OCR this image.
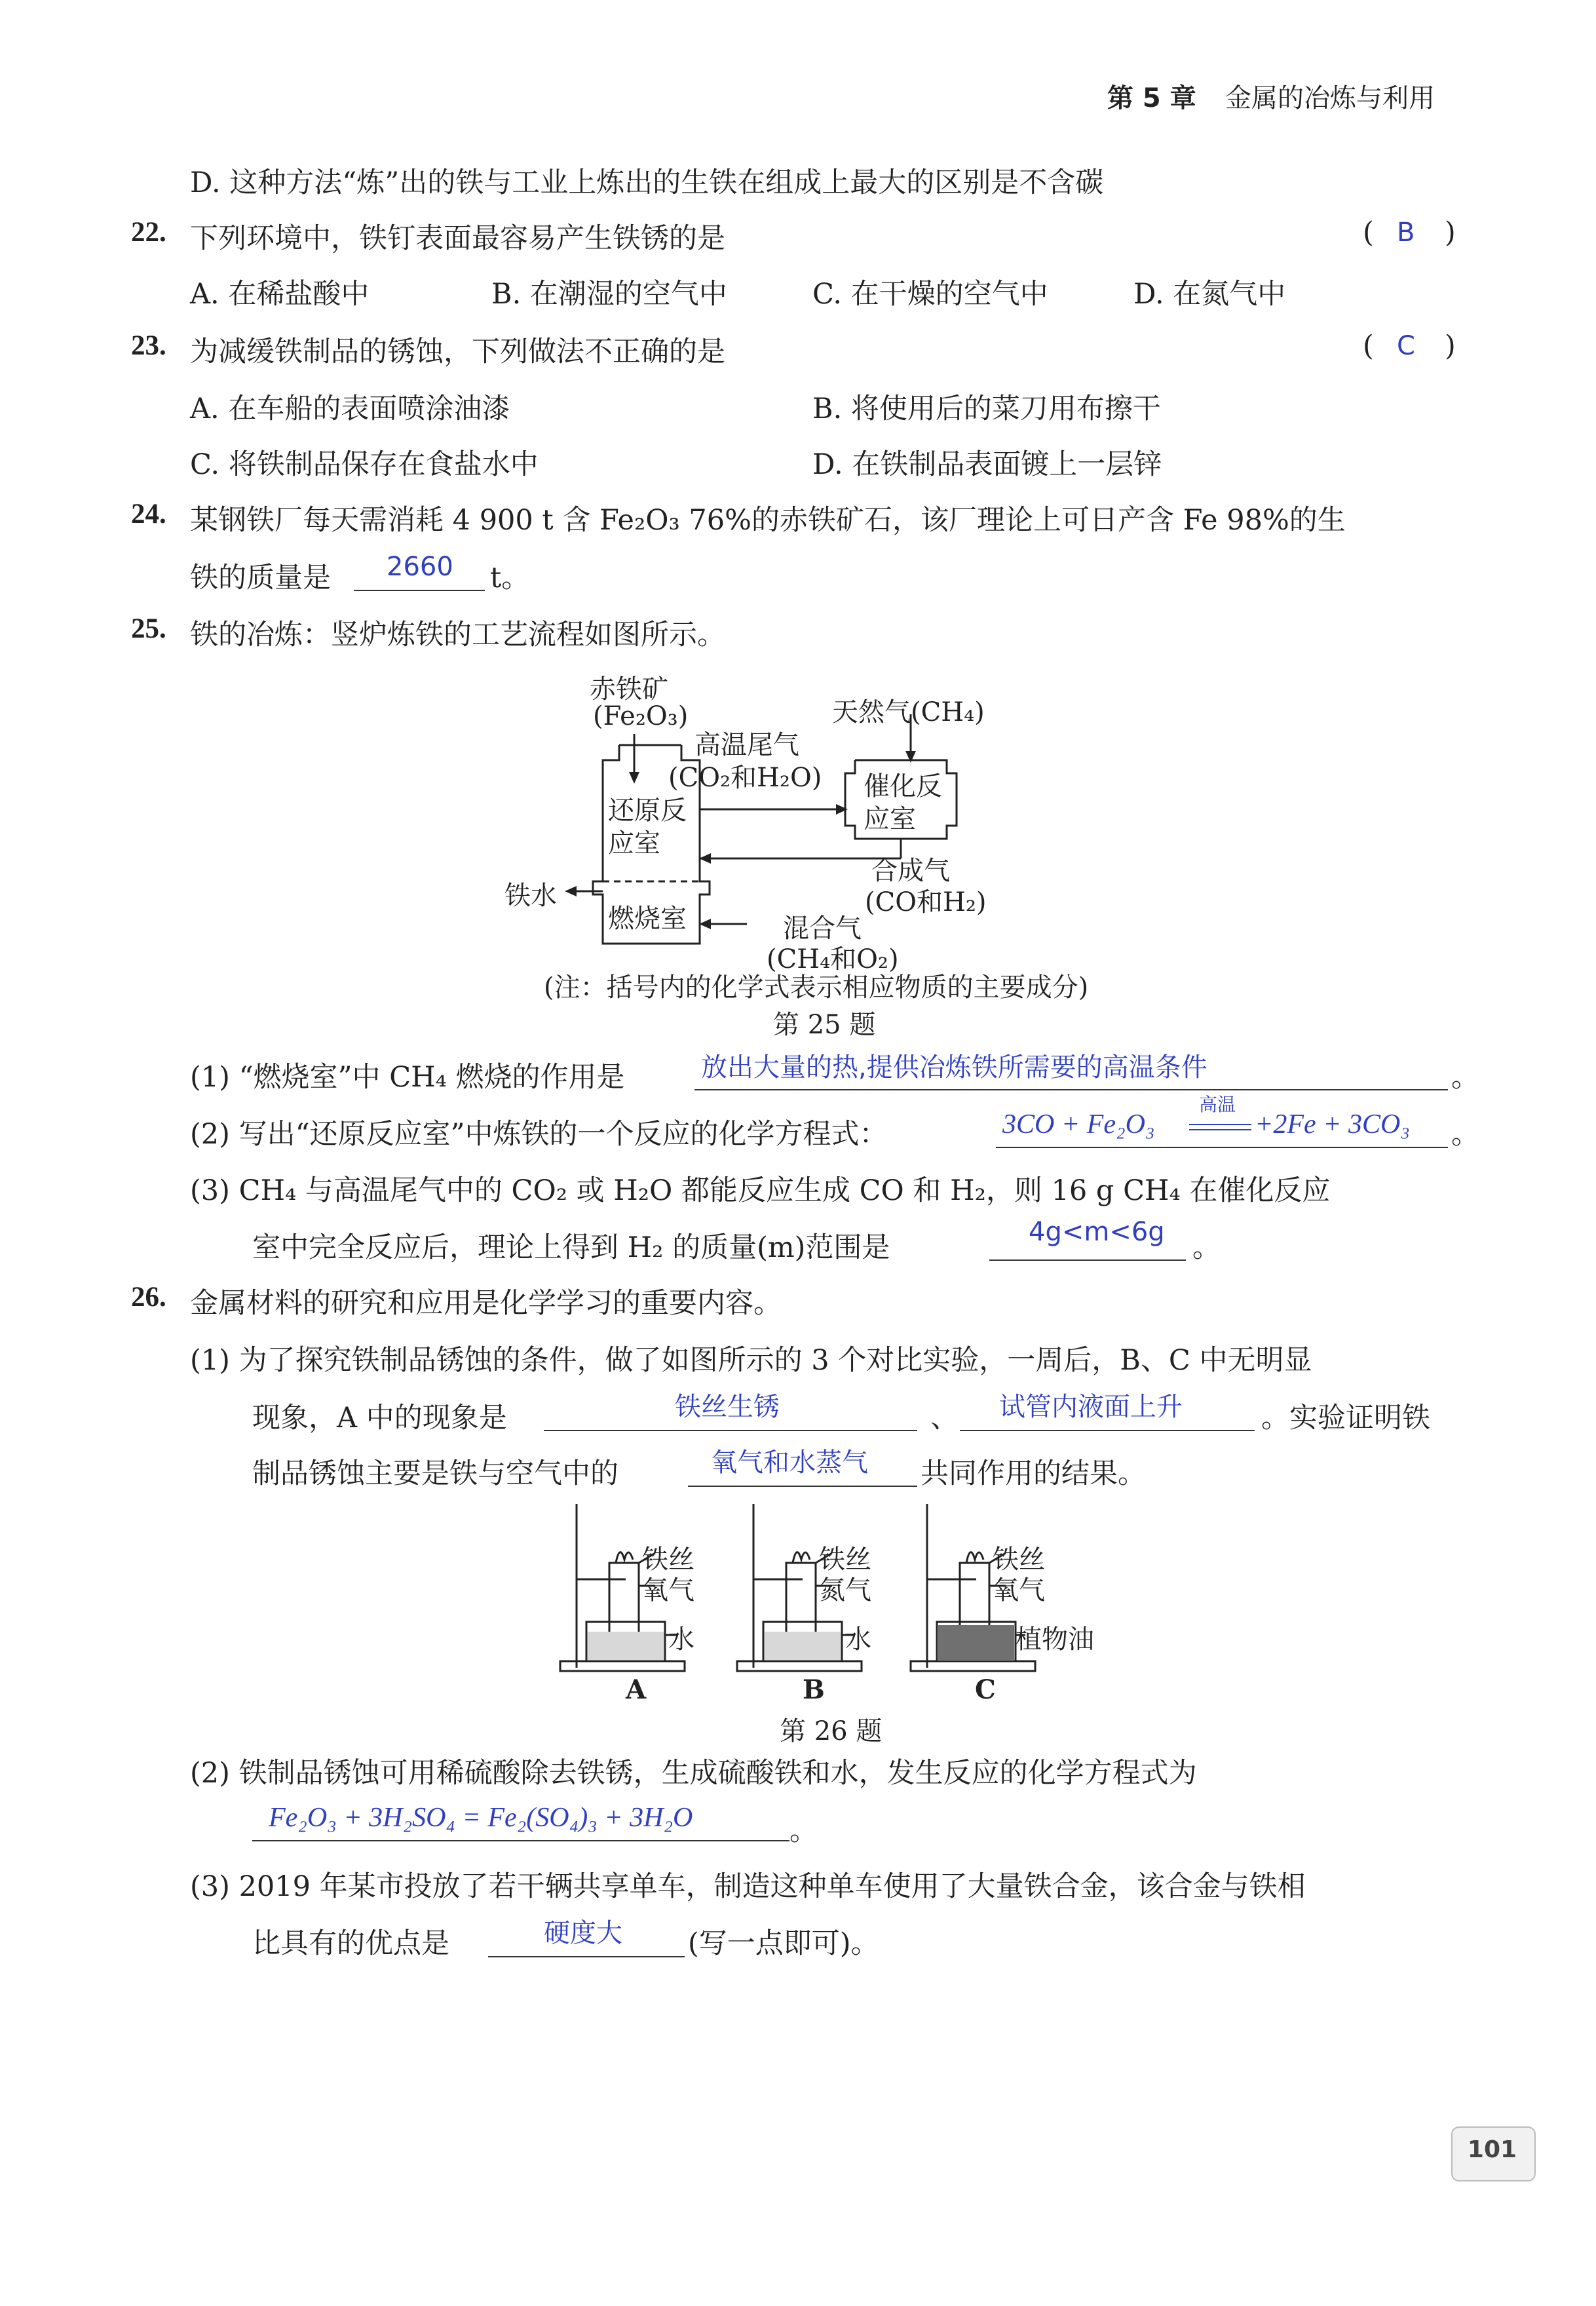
第 5 章 金属的冶炼与利用
D. 这种方法“炼”出的铁与工业上炼出的生铁在组成上最大的区别是不含碳
22. 下列环境中，铁钉表面最容易产生铁锈的是	( B )
A. 在稀盐酸中	B. 在潮湿的空气中	C. 在干燥的空气中	D. 在氮气中
23. 为减缓铁制品的锈蚀，下列做法不正确的是	( C )
A. 在车船的表面喷涂油漆	B. 将使用后的菜刀用布擦干
C. 将铁制品保存在食盐水中	D. 在铁制品表面镀上一层锌
24. 某钢铁厂每天需消耗 4 900 t 含 Fe₂O₃ 76%的赤铁矿石，该厂理论上可日产含 Fe 98%的生
铁的质量是 2660 t。
25. 铁的冶炼：竖炉炼铁的工艺流程如图所示。
赤铁矿
(Fe₂O₃)
高温尾气
(CO₂和H₂O)
天然气(CH₄)
还原反
应室
催化反
应室
合成气
(CO和H₂)
铁水
燃烧室	混合气
(CH₄和O₂)
(注：括号内的化学式表示相应物质的主要成分)
第 25 题
(1) “燃烧室”中 CH₄ 燃烧的作用是	放出大量的热,提供冶炼铁所需要的高温条件	。
(2) 写出“还原反应室”中炼铁的一个反应的化学方程式：	3CO + Fe₂O₃
高温
+2Fe + 3CO₃ 。
(3) CH₄ 与高温尾气中的 CO₂ 或 H₂O 都能反应生成 CO 和 H₂，则 16 g CH₄ 在催化反应
室中完全反应后，理论上得到 H₂ 的质量(m)范围是	4g<m<6g 。
26. 金属材料的研究和应用是化学学习的重要内容。
(1) 为了探究铁制品锈蚀的条件，做了如图所示的 3 个对比实验，一周后，B、C 中无明显
现象，A 中的现象是	铁丝生锈	、 试管内液面上升	。实验证明铁
制品锈蚀主要是铁与空气中的	氧气和水蒸气 共同作用的结果。
铁丝
氧气
水
A
铁丝
氮气
水
B
铁丝
氧气
植物油
C
第 26 题
(2) 铁制品锈蚀可用稀硫酸除去铁锈，生成硫酸铁和水，发生反应的化学方程式为
Fe₂O₃ + 3H₂SO₄ = Fe₂(SO₄)₃ + 3H₂O	。
(3) 2019 年某市投放了若干辆共享单车，制造这种单车使用了大量铁合金，该合金与铁相
比具有的优点是	硬度大 (写一点即可)。
101
